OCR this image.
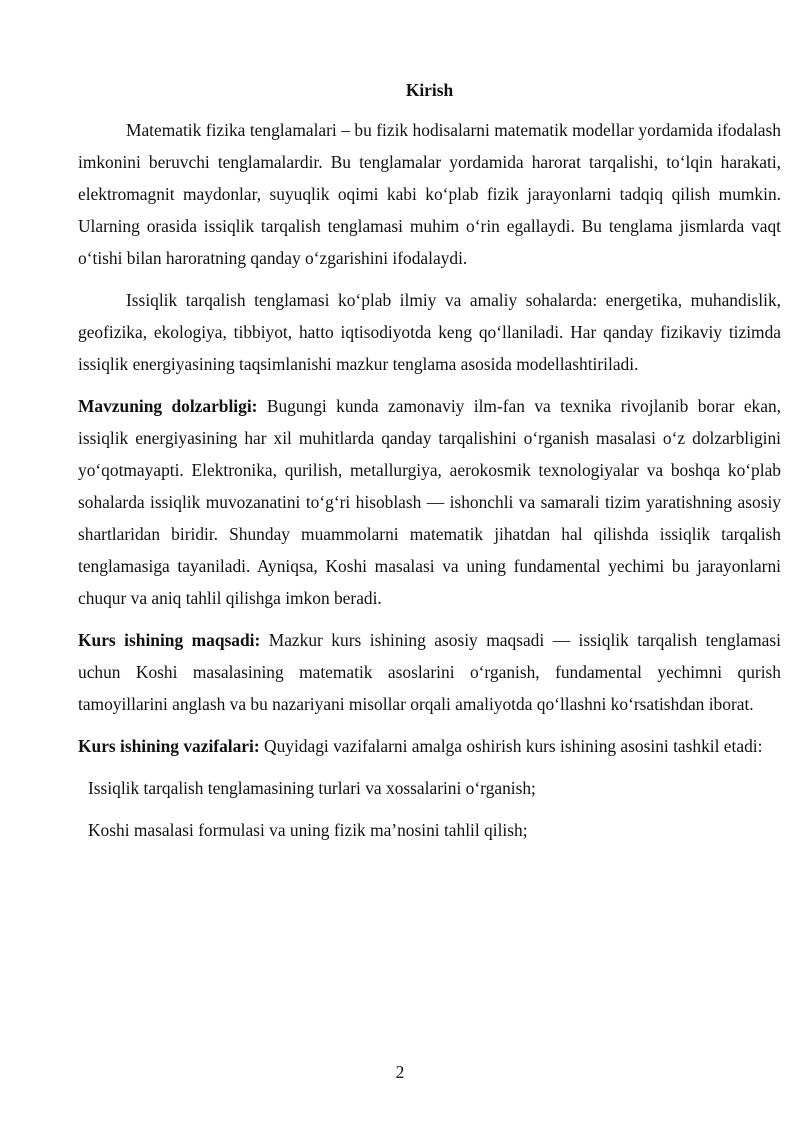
Kirish

Matematik fizika tenglamalari – bu fizik hodisalarni matematik modellar yordamida ifodalash imkonini beruvchi tenglamalardir. Bu tenglamalar yordamida harorat tarqalishi, to‘lqin harakati, elektromagnit maydonlar, suyuqlik oqimi kabi ko‘plab fizik jarayonlarni tadqiq qilish mumkin. Ularning orasida issiqlik tarqalish tenglamasi muhim o‘rin egallaydi. Bu tenglama jismlarda vaqt o‘tishi bilan haroratning qanday o‘zgarishini ifodalaydi.

Issiqlik tarqalish tenglamasi ko‘plab ilmiy va amaliy sohalarda: energetika, muhandislik, geofizika, ekologiya, tibbiyot, hatto iqtisodiyotda keng qo‘llaniladi. Har qanday fizikaviy tizimda issiqlik energiyasining taqsimlanishi mazkur tenglama asosida modellashtiriladi.

Mavzuning dolzarbligi: Bugungi kunda zamonaviy ilm-fan va texnika rivojlanib borar ekan, issiqlik energiyasining har xil muhitlarda qanday tarqalishini o‘rganish masalasi o‘z dolzarbligini yo‘qotmayapti. Elektronika, qurilish, metallurgiya, aerokosmik texnologiyalar va boshqa ko‘plab sohalarda issiqlik muvozanatini to‘g‘ri hisoblash — ishonchli va samarali tizim yaratishning asosiy shartlaridan biridir. Shunday muammolarni matematik jihatdan hal qilishda issiqlik tarqalish tenglamasiga tayaniladi. Ayniqsa, Koshi masalasi va uning fundamental yechimi bu jarayonlarni chuqur va aniq tahlil qilishga imkon beradi.

Kurs ishining maqsadi: Mazkur kurs ishining asosiy maqsadi — issiqlik tarqalish tenglamasi uchun Koshi masalasining matematik asoslarini o‘rganish, fundamental yechimni qurish tamoyillarini anglash va bu nazariyani misollar orqali amaliyotda qo‘llashni ko‘rsatishdan iborat.

Kurs ishining vazifalari: Quyidagi vazifalarni amalga oshirish kurs ishining asosini tashkil etadi:

Issiqlik tarqalish tenglamasining turlari va xossalarini o‘rganish;
Koshi masalasi formulasi va uning fizik ma’nosini tahlil qilish;
2
